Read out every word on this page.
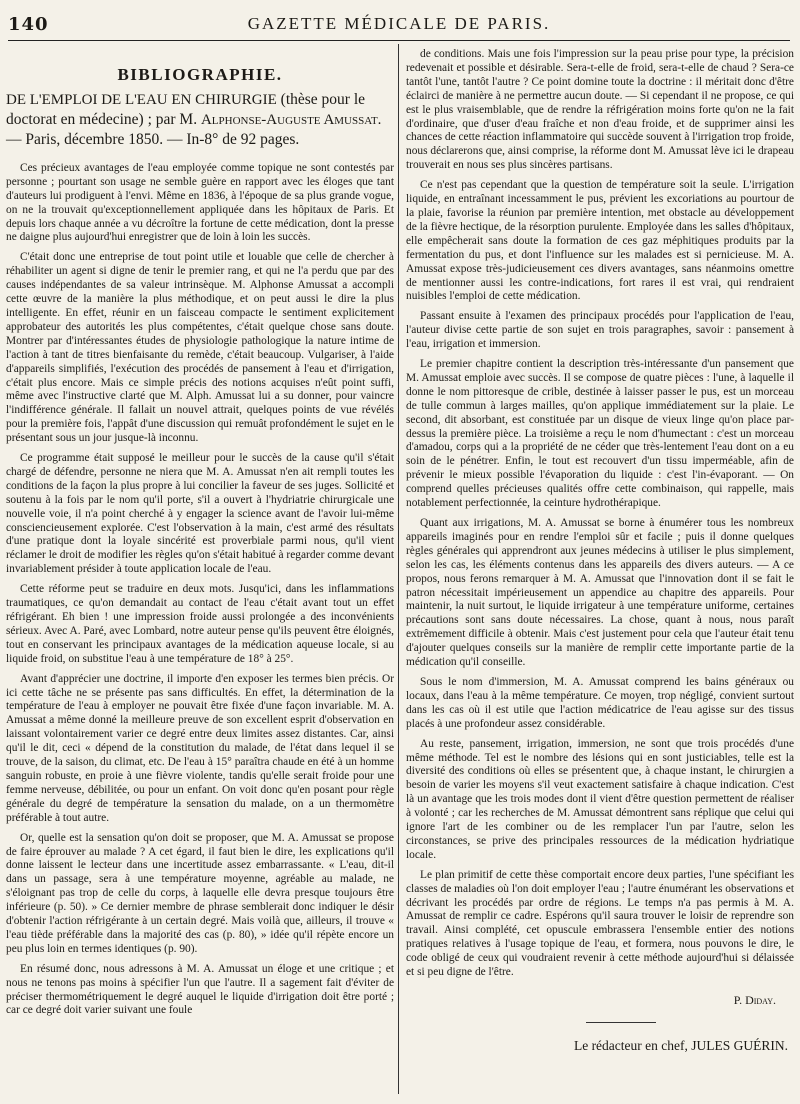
140	GAZETTE MÉDICALE DE PARIS.
BIBLIOGRAPHIE.
DE L'EMPLOI DE L'EAU EN CHIRURGIE (thèse pour le doctorat en médecine) ; par M. Alphonse-Auguste Amussat. — Paris, décembre 1850. — In-8° de 92 pages.

Ces précieux avantages de l'eau employée comme topique ne sont contestés par personne ; pourtant son usage ne semble guère en rapport avec les éloges que tant d'auteurs lui prodiguent à l'envi. Même en 1836, à l'époque de sa plus grande vogue, on ne la trouvait qu'exceptionnellement appliquée dans les hôpitaux de Paris. Et depuis lors chaque année a vu décroître la fortune de cette médication, dont la presse ne daigne plus aujourd'hui enregistrer que de loin à loin les succès.

C'était donc une entreprise de tout point utile et louable que celle de chercher à réhabiliter un agent si digne de tenir le premier rang, et qui ne l'a perdu que par des causes indépendantes de sa valeur intrinsèque. M. Alphonse Amussat a accompli cette œuvre de la manière la plus méthodique, et on peut aussi le dire la plus intelligente. En effet, réunir en un faisceau compacte le sentiment explicitement approbateur des autorités les plus compétentes, c'était quelque chose sans doute. Montrer par d'intéressantes études de physiologie pathologique la nature intime de l'action à tant de titres bienfaisante du remède, c'était beaucoup. Vulgariser, à l'aide d'appareils simplifiés, l'exécution des procédés de pansement à l'eau et d'irrigation, c'était plus encore. Mais ce simple précis des notions acquises n'eût point suffi, même avec l'instructive clarté que M. Alph. Amussat lui a su donner, pour vaincre l'indifférence générale. Il fallait un nouvel attrait, quelques points de vue révélés pour la première fois, l'appât d'une discussion qui remuât profondément le sujet en le présentant sous un jour jusque-là inconnu.

Ce programme était supposé le meilleur pour le succès de la cause qu'il s'était chargé de défendre, personne ne niera que M. A. Amussat n'en ait rempli toutes les conditions de la façon la plus propre à lui concilier la faveur de ses juges. Sollicité et soutenu à la fois par le nom qu'il porte, s'il a ouvert à l'hydriatrie chirurgicale une nouvelle voie, il n'a point cherché à y engager la science avant de l'avoir lui-même consciencieusement explorée. C'est l'observation à la main, c'est armé des résultats d'une pratique dont la loyale sincérité est proverbiale parmi nous, qu'il vient réclamer le droit de modifier les règles qu'on s'était habitué à regarder comme devant invariablement présider à toute application locale de l'eau.

Cette réforme peut se traduire en deux mots. Jusqu'ici, dans les inflammations traumatiques, ce qu'on demandait au contact de l'eau c'était avant tout un effet réfrigérant. Eh bien ! une impression froide aussi prolongée a des inconvénients sérieux. Avec A. Paré, avec Lombard, notre auteur pense qu'ils peuvent être éloignés, tout en conservant les principaux avantages de la médication aqueuse locale, si au liquide froid, on substitue l'eau à une température de 18° à 25°.

Avant d'apprécier une doctrine, il importe d'en exposer les termes bien précis. Or ici cette tâche ne se présente pas sans difficultés. En effet, la détermination de la température de l'eau à employer ne pouvait être fixée d'une façon invariable. M. A. Amussat a même donné la meilleure preuve de son excellent esprit d'observation en laissant volontairement varier ce degré entre deux limites assez distantes. Car, ainsi qu'il le dit, ceci « dépend de la constitution du malade, de l'état dans lequel il se trouve, de la saison, du climat, etc. De l'eau à 15° paraîtra chaude en été à un homme sanguin robuste, en proie à une fièvre violente, tandis qu'elle serait froide pour une femme nerveuse, débilitée, ou pour un enfant. On voit donc qu'en posant pour règle générale du degré de température la sensation du malade, on a un thermomètre préférable à tout autre.

Or, quelle est la sensation qu'on doit se proposer, que M. A. Amussat se propose de faire éprouver au malade ? A cet égard, il faut bien le dire, les explications qu'il donne laissent le lecteur dans une incertitude assez embarrassante. « L'eau, dit-il dans un passage, sera à une température moyenne, agréable au malade, ne s'éloignant pas trop de celle du corps, à laquelle elle devra presque toujours être inférieure (p. 50). » Ce dernier membre de phrase semblerait donc indiquer le désir d'obtenir l'action réfrigérante à un certain degré. Mais voilà que, ailleurs, il trouve « l'eau tiède préférable dans la majorité des cas (p. 80), » idée qu'il répète encore un peu plus loin en termes identiques (p. 90).

En résumé donc, nous adressons à M. A. Amussat un éloge et une critique ; et nous ne tenons pas moins à spécifier l'un que l'autre. Il a sagement fait d'éviter de préciser thermométriquement le degré auquel le liquide d'irrigation doit être porté ; car ce degré doit varier suivant une foule

de conditions. Mais une fois l'impression sur la peau prise pour type, la précision redevenait et possible et désirable. Sera-t-elle de froid, sera-t-elle de chaud ? Sera-ce tantôt l'une, tantôt l'autre ? Ce point domine toute la doctrine : il méritait donc d'être éclairci de manière à ne permettre aucun doute. — Si cependant il ne propose, ce qui est le plus vraisemblable, que de rendre la réfrigération moins forte qu'on ne la fait d'ordinaire, que d'user d'eau fraîche et non d'eau froide, et de supprimer ainsi les chances de cette réaction inflammatoire qui succède souvent à l'irrigation trop froide, nous déclarerons que, ainsi comprise, la réforme dont M. Amussat lève ici le drapeau trouverait en nous ses plus sincères partisans.

Ce n'est pas cependant que la question de température soit la seule. L'irrigation liquide, en entraînant incessamment le pus, prévient les excoriations au pourtour de la plaie, favorise la réunion par première intention, met obstacle au développement de la fièvre hectique, de la résorption purulente. Employée dans les salles d'hôpitaux, elle empêcherait sans doute la formation de ces gaz méphitiques produits par la fermentation du pus, et dont l'influence sur les malades est si pernicieuse. M. A. Amussat expose très-judicieusement ces divers avantages, sans néanmoins omettre de mentionner aussi les contre-indications, fort rares il est vrai, qui rendraient nuisibles l'emploi de cette médication.

Passant ensuite à l'examen des principaux procédés pour l'application de l'eau, l'auteur divise cette partie de son sujet en trois paragraphes, savoir : pansement à l'eau, irrigation et immersion.

Le premier chapitre contient la description très-intéressante d'un pansement que M. Amussat emploie avec succès. Il se compose de quatre pièces : l'une, à laquelle il donne le nom pittoresque de crible, destinée à laisser passer le pus, est un morceau de tulle commun à larges mailles, qu'on applique immédiatement sur la plaie. Le second, dit absorbant, est constituée par un disque de vieux linge qu'on place par-dessus la première pièce. La troisième a reçu le nom d'humectant : c'est un morceau d'amadou, corps qui a la propriété de ne céder que très-lentement l'eau dont on a eu soin de le pénétrer. Enfin, le tout est recouvert d'un tissu imperméable, afin de prévenir le mieux possible l'évaporation du liquide : c'est l'in-évaporant. — On comprend quelles précieuses qualités offre cette combinaison, qui rappelle, mais notablement perfectionnée, la ceinture hydrothérapique.

Quant aux irrigations, M. A. Amussat se borne à énumérer tous les nombreux appareils imaginés pour en rendre l'emploi sûr et facile ; puis il donne quelques règles générales qui apprendront aux jeunes médecins à utiliser le plus simplement, selon les cas, les éléments contenus dans les appareils des divers auteurs. — A ce propos, nous ferons remarquer à M. A. Amussat que l'innovation dont il se fait le patron nécessitait impérieusement un appendice au chapitre des appareils. Pour maintenir, la nuit surtout, le liquide irrigateur à une température uniforme, certaines précautions sont sans doute nécessaires. La chose, quant à nous, nous paraît extrêmement difficile à obtenir. Mais c'est justement pour cela que l'auteur était tenu d'ajouter quelques conseils sur la manière de remplir cette importante partie de la médication qu'il conseille.

Sous le nom d'immersion, M. A. Amussat comprend les bains généraux ou locaux, dans l'eau à la même température. Ce moyen, trop négligé, convient surtout dans les cas où il est utile que l'action médicatrice de l'eau agisse sur des tissus placés à une profondeur assez considérable.

Au reste, pansement, irrigation, immersion, ne sont que trois procédés d'une même méthode. Tel est le nombre des lésions qui en sont justiciables, telle est la diversité des conditions où elles se présentent que, à chaque instant, le chirurgien a besoin de varier les moyens s'il veut exactement satisfaire à chaque indication. C'est là un avantage que les trois modes dont il vient d'être question permettent de réaliser à volonté ; car les recherches de M. Amussat démontrent sans réplique que celui qui ignore l'art de les combiner ou de les remplacer l'un par l'autre, selon les circonstances, se prive des principales ressources de la médication hydriatique locale.

Le plan primitif de cette thèse comportait encore deux parties, l'une spécifiant les classes de maladies où l'on doit employer l'eau ; l'autre énumérant les observations et décrivant les procédés par ordre de régions. Le temps n'a pas permis à M. A. Amussat de remplir ce cadre. Espérons qu'il saura trouver le loisir de reprendre son travail. Ainsi complété, cet opuscule embrassera l'ensemble entier des notions pratiques relatives à l'usage topique de l'eau, et formera, nous pouvons le dire, le code obligé de ceux qui voudraient revenir à cette méthode aujourd'hui si délaissée et si peu digne de l'être.

P. Diday.
Le rédacteur en chef, JULES GUÉRIN.
